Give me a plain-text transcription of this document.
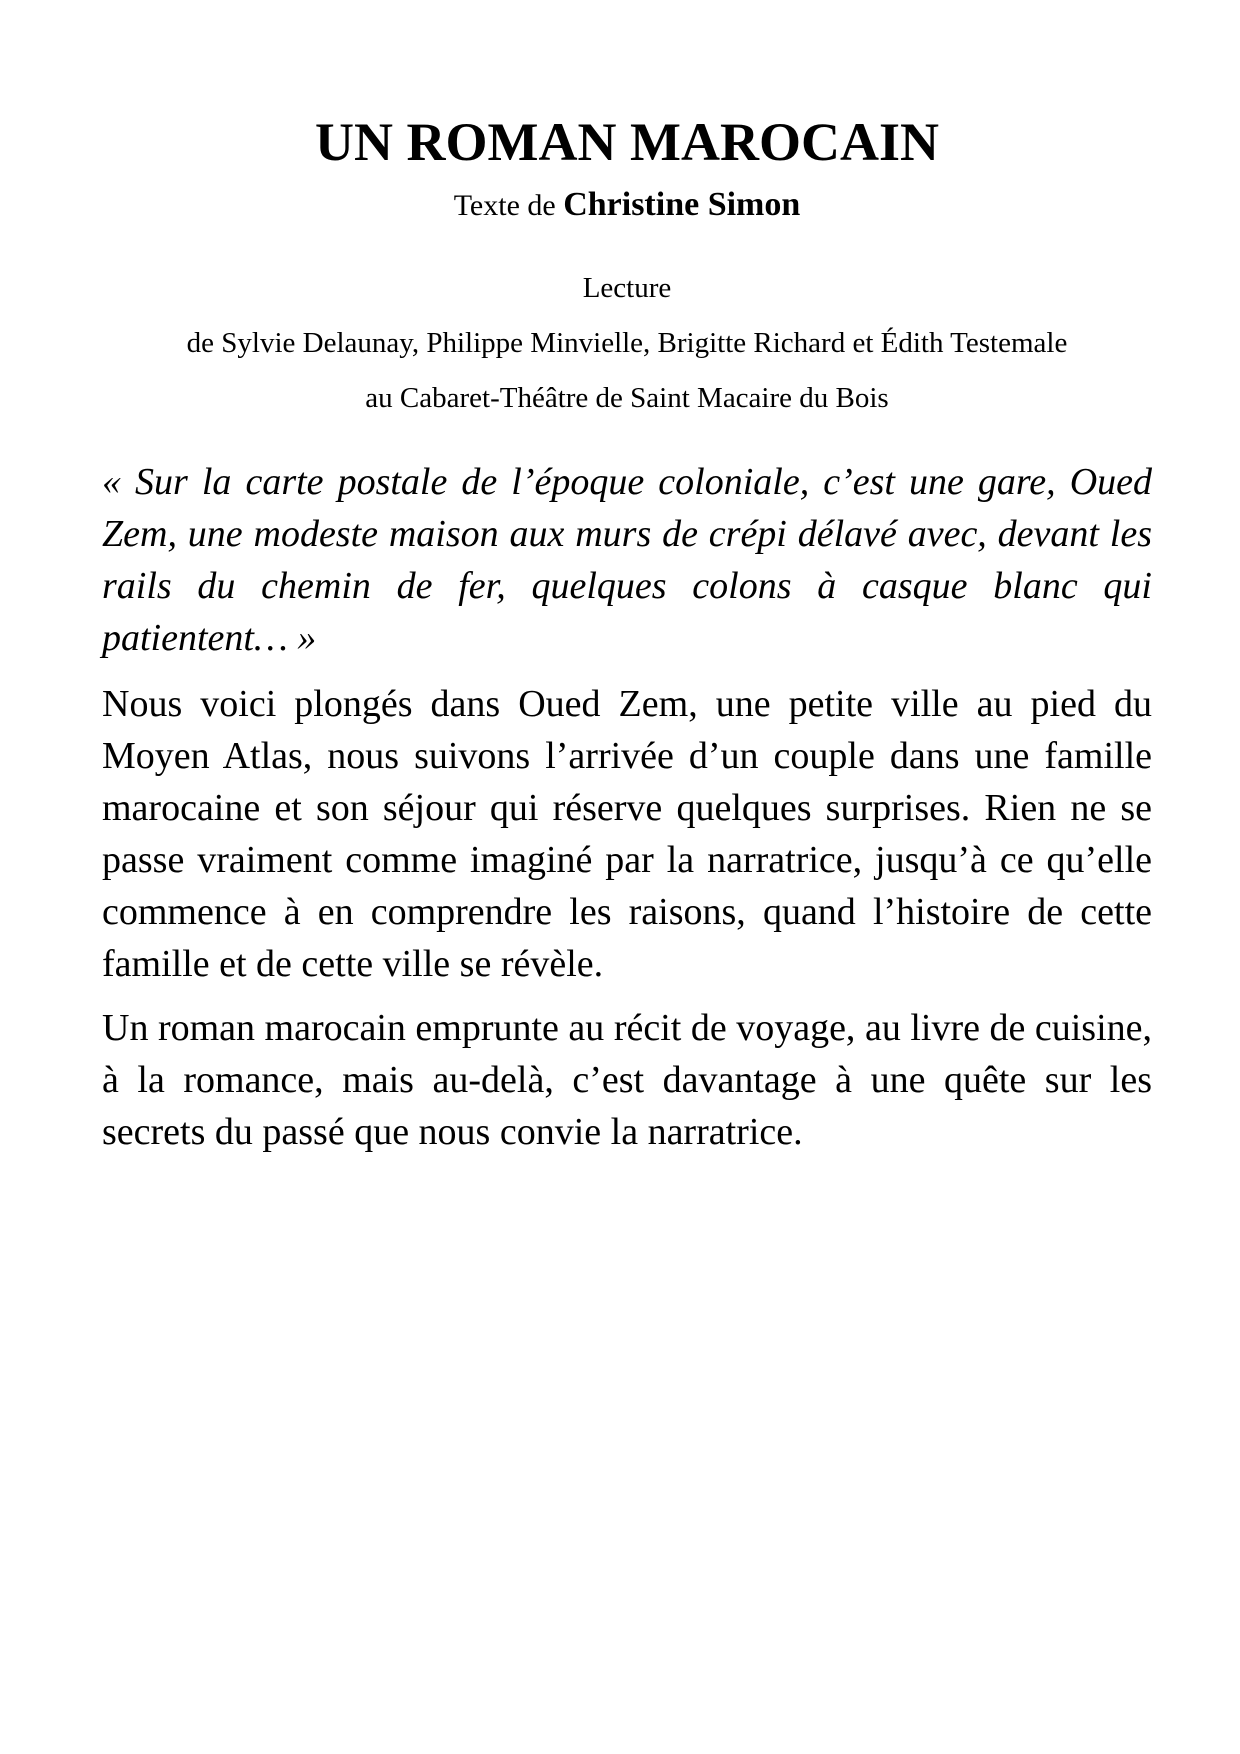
UN ROMAN MAROCAIN

Texte de Christine Simon

Lecture
de Sylvie Delaunay, Philippe Minvielle, Brigitte Richard et Édith Testemale
au Cabaret-Théâtre de Saint Macaire du Bois

« Sur la carte postale de l’époque coloniale, c’est une gare, Oued Zem, une modeste maison aux murs de crépi délavé avec, devant les rails du chemin de fer, quelques colons à casque blanc qui patientent… »

Nous voici plongés dans Oued Zem, une petite ville au pied du Moyen Atlas, nous suivons l’arrivée d’un couple dans une famille marocaine et son séjour qui réserve quelques surprises. Rien ne se passe vraiment comme imaginé par la narratrice, jusqu’à ce qu’elle commence à en comprendre les raisons, quand l’histoire de cette famille et de cette ville se révèle.

Un roman marocain emprunte au récit de voyage, au livre de cuisine, à la romance, mais au-delà, c’est davantage à une quête sur les secrets du passé que nous convie la narratrice.
